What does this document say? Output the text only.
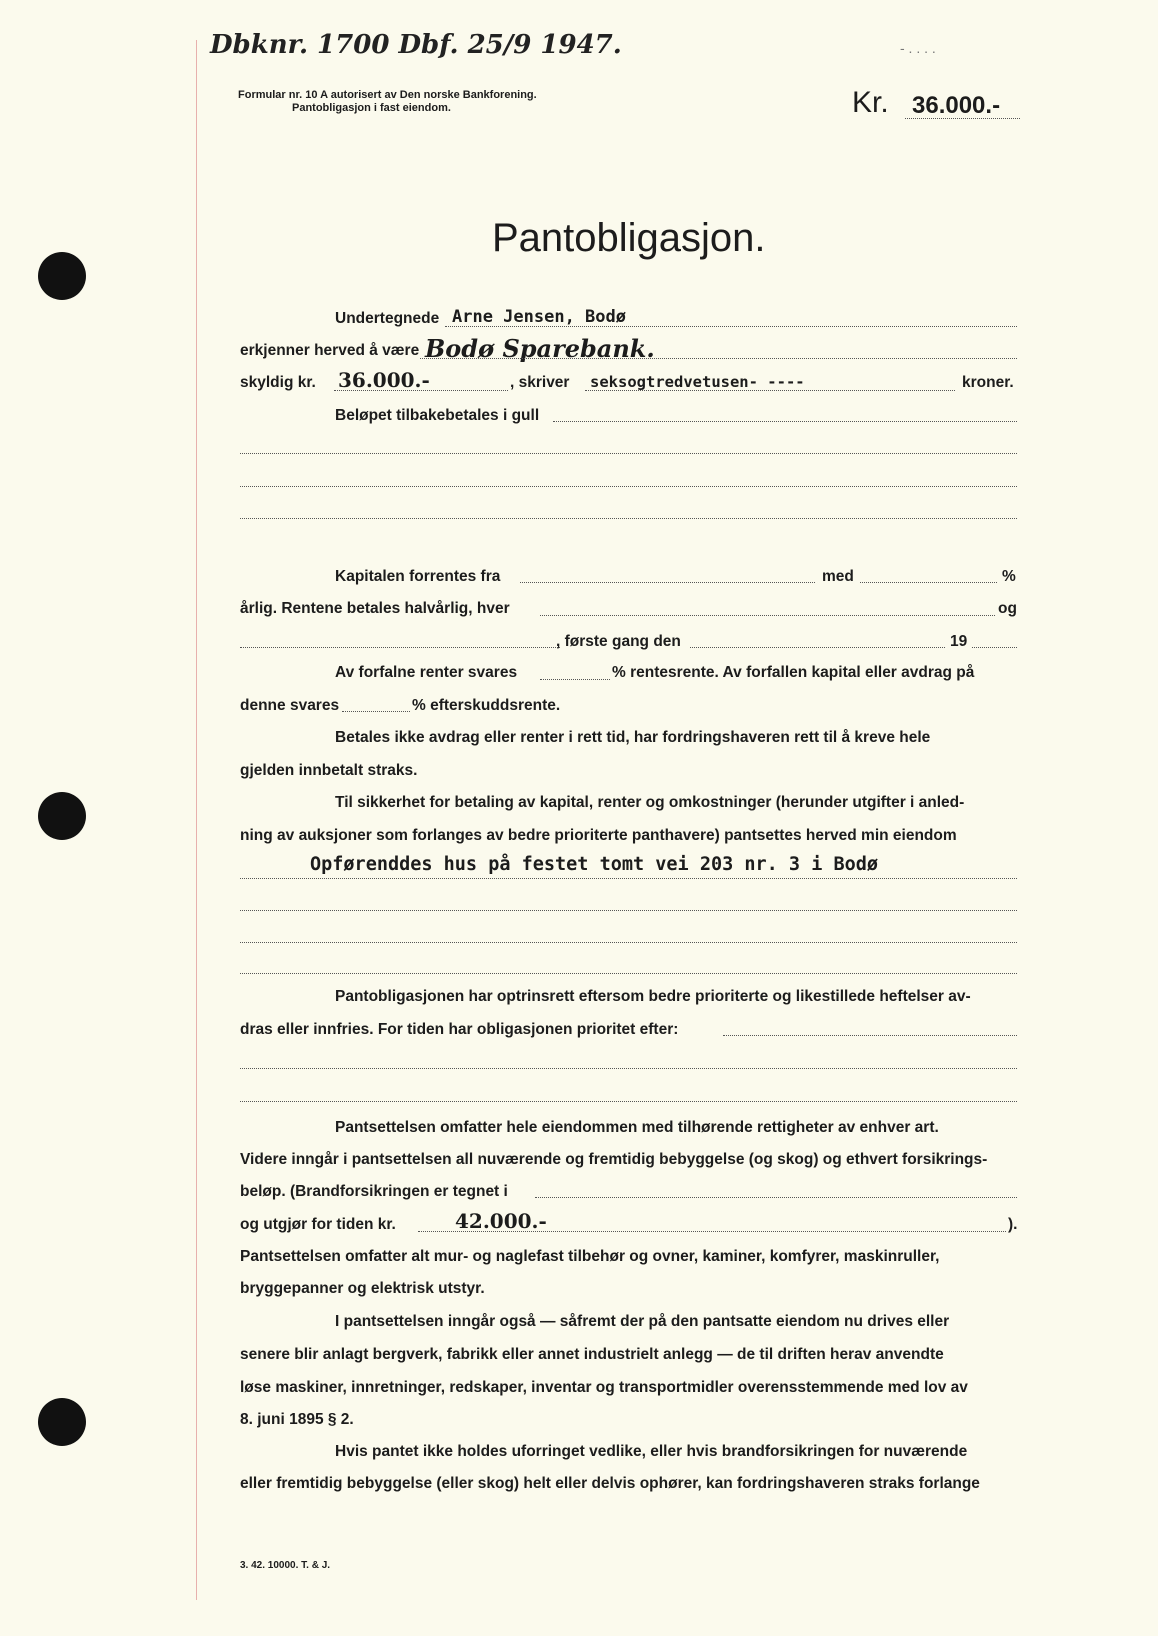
Dbknr. 1700 Dbf. 25/9 1947.	- . . . .
Formular nr. 10 A autorisert av Den norske Bankforening.
Pantobligasjon i fast eiendom.	Kr. 36.000.-
Pantobligasjon.
Undertegnede Arne Jensen, Bodø
erkjenner herved å være Bodø Sparebank.
skyldig kr. 36.000.-	, skriver seksogtredvetusen- ----	kroner.
Beløpet tilbakebetales i gull
Kapitalen forrentes fra	med	%
årlig. Rentene betales halvårlig, hver	og
, første gang den	19
Av forfalne renter svares	% rentesrente. Av forfallen kapital eller avdrag på
denne svares	% efterskuddsrente.
Betales ikke avdrag eller renter i rett tid, har fordringshaveren rett til å kreve hele
gjelden innbetalt straks.
Til sikkerhet for betaling av kapital, renter og omkostninger (herunder utgifter i anled-
ning av auksjoner som forlanges av bedre prioriterte panthavere) pantsettes herved min eiendom
Opførenddes hus på festet tomt vei 203 nr. 3 i Bodø
Pantobligasjonen har optrinsrett eftersom bedre prioriterte og likestillede heftelser av-
dras eller innfries. For tiden har obligasjonen prioritet efter:
Pantsettelsen omfatter hele eiendommen med tilhørende rettigheter av enhver art.
Videre inngår i pantsettelsen all nuværende og fremtidig bebyggelse (og skog) og ethvert forsikrings-
beløp. (Brandforsikringen er tegnet i
og utgjør for tiden kr.	42.000.-	).
Pantsettelsen omfatter alt mur- og naglefast tilbehør og ovner, kaminer, komfyrer, maskinruller,
bryggepanner og elektrisk utstyr.
I pantsettelsen inngår også — såfremt der på den pantsatte eiendom nu drives eller
senere blir anlagt bergverk, fabrikk eller annet industrielt anlegg — de til driften herav anvendte
løse maskiner, innretninger, redskaper, inventar og transportmidler overensstemmende med lov av
8. juni 1895 § 2.
Hvis pantet ikke holdes uforringet vedlike, eller hvis brandforsikringen for nuværende
eller fremtidig bebyggelse (eller skog) helt eller delvis ophører, kan fordringshaveren straks forlange
3. 42. 10000. T. & J.
